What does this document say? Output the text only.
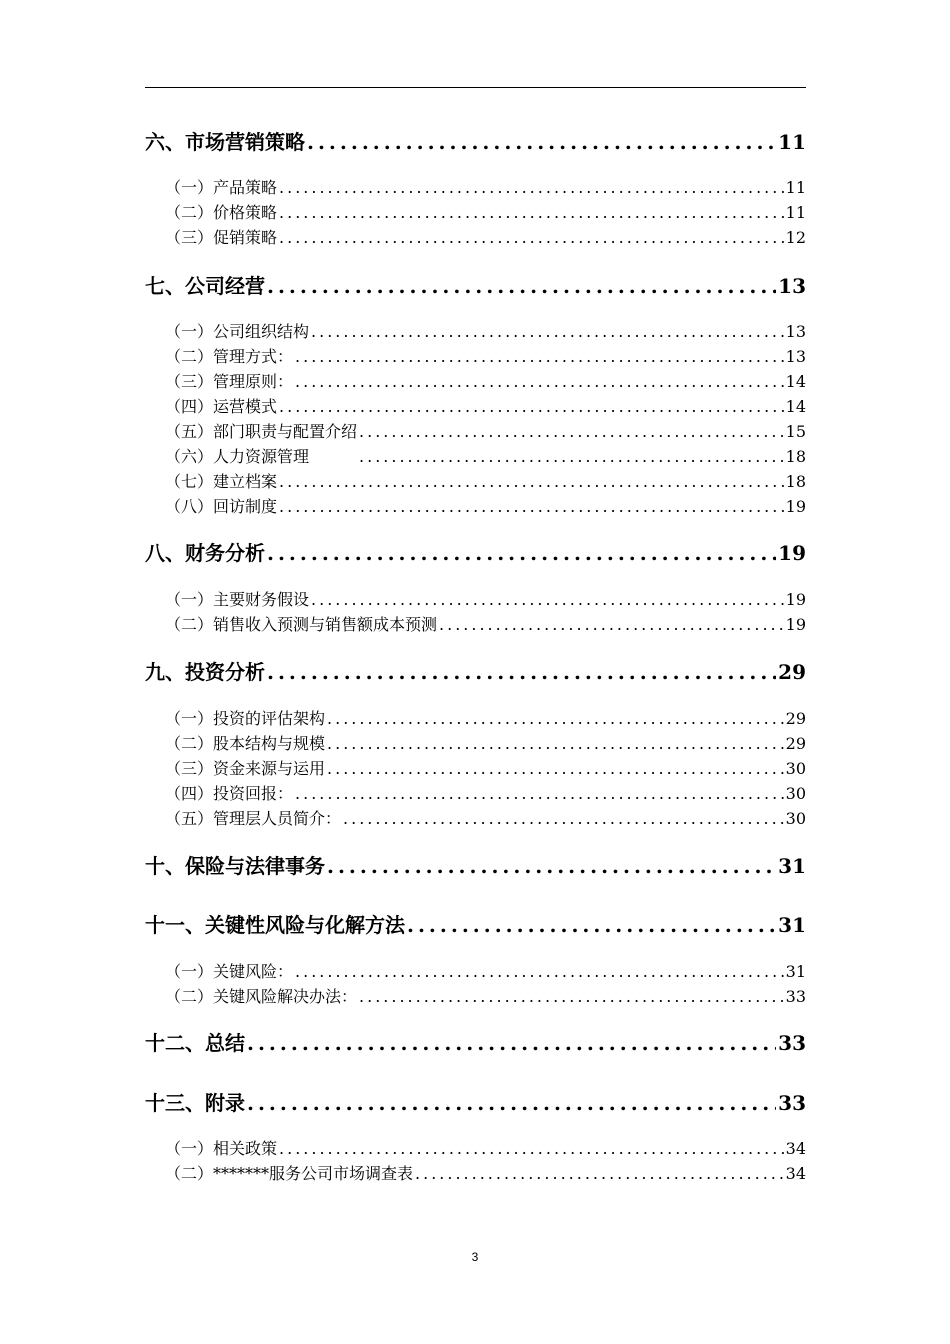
六、市场营销策略 .....	11
（一）产品策略 .....	11
（二）价格策略 .....	11
（三）促销策略 .....	12
七、公司经营 .....	13
（一）公司组织结构 .....	13
（二）管理方式： .....	13
（三）管理原则： .....	14
（四）运营模式 .....	14
（五）部门职责与配置介绍 .....	15
（六）人力资源管理 .....	18
（七）建立档案 .....	18
（八）回访制度 .....	19
八、财务分析 .....	19
（一）主要财务假设 .....	19
（二）销售收入预测与销售额成本预测 .....	19
九、投资分析 .....	29
（一）投资的评估架构 .....	29
（二）股本结构与规模 .....	29
（三）资金来源与运用 .....	30
（四）投资回报： .....	30
（五）管理层人员简介： .....	30
十、保险与法律事务 .....	31
十一、关键性风险与化解方法 .....	31
（一）关键风险： .....	31
（二）关键风险解决办法： .....	33
十二、总结 .....	33
十三、附录 .....	33
（一）相关政策 .....	34
（二）*******服务公司市场调查表 .....	34
3
